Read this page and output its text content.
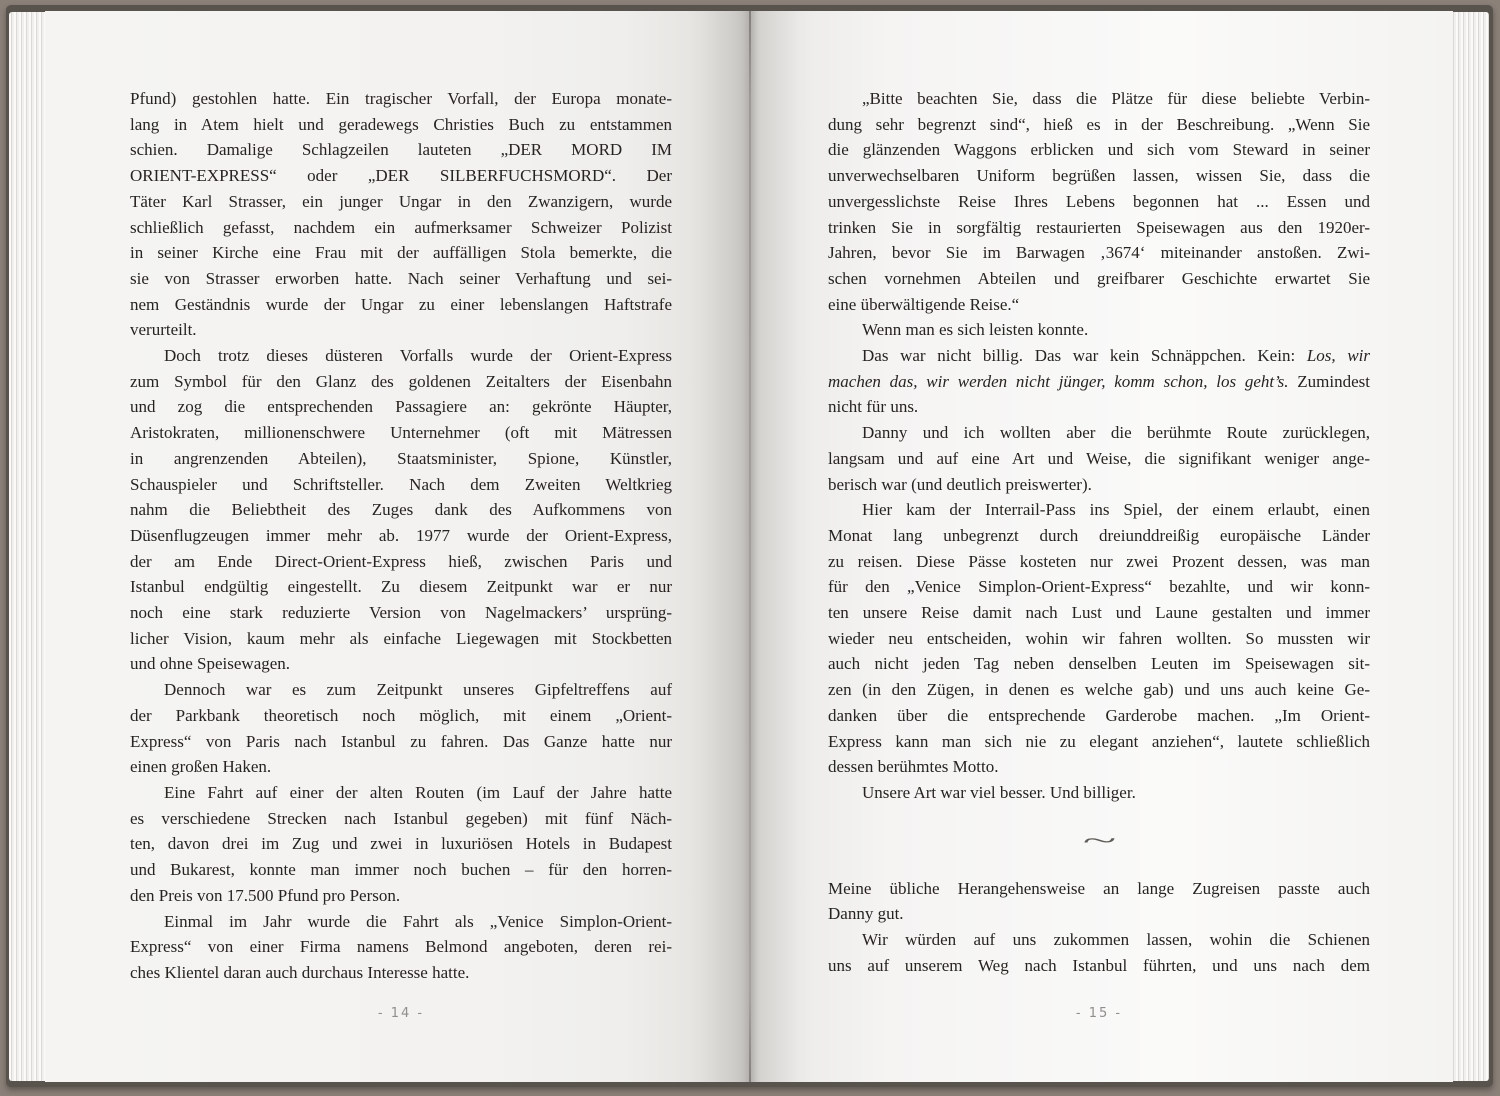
Pfund) gestohlen hatte. Ein tragischer Vorfall, der Europa monate-
lang in Atem hielt und geradewegs Christies Buch zu entstammen
schien. Damalige Schlagzeilen lauteten „DER MORD IM
ORIENT-EXPRESS“ oder „DER SILBERFUCHSMORD“. Der
Täter Karl Strasser, ein junger Ungar in den Zwanzigern, wurde
schließlich gefasst, nachdem ein aufmerksamer Schweizer Polizist
in seiner Kirche eine Frau mit der auffälligen Stola bemerkte, die
sie von Strasser erworben hatte. Nach seiner Verhaftung und sei-
nem Geständnis wurde der Ungar zu einer lebenslangen Haftstrafe
verurteilt.
Doch trotz dieses düsteren Vorfalls wurde der Orient-Express
zum Symbol für den Glanz des goldenen Zeitalters der Eisenbahn
und zog die entsprechenden Passagiere an: gekrönte Häupter,
Aristokraten, millionenschwere Unternehmer (oft mit Mätressen
in angrenzenden Abteilen), Staatsminister, Spione, Künstler,
Schauspieler und Schriftsteller. Nach dem Zweiten Weltkrieg
nahm die Beliebtheit des Zuges dank des Aufkommens von
Düsenflugzeugen immer mehr ab. 1977 wurde der Orient-Express,
der am Ende Direct-Orient-Express hieß, zwischen Paris und
Istanbul endgültig eingestellt. Zu diesem Zeitpunkt war er nur
noch eine stark reduzierte Version von Nagelmackers’ ursprüng-
licher Vision, kaum mehr als einfache Liegewagen mit Stockbetten
und ohne Speisewagen.
Dennoch war es zum Zeitpunkt unseres Gipfeltreffens auf
der Parkbank theoretisch noch möglich, mit einem „Orient-
Express“ von Paris nach Istanbul zu fahren. Das Ganze hatte nur
einen großen Haken.
Eine Fahrt auf einer der alten Routen (im Lauf der Jahre hatte
es verschiedene Strecken nach Istanbul gegeben) mit fünf Näch-
ten, davon drei im Zug und zwei in luxuriösen Hotels in Budapest
und Bukarest, konnte man immer noch buchen – für den horren-
den Preis von 17.500 Pfund pro Person.
Einmal im Jahr wurde die Fahrt als „Venice Simplon-Orient-
Express“ von einer Firma namens Belmond angeboten, deren rei-
ches Klientel daran auch durchaus Interesse hatte.
„Bitte beachten Sie, dass die Plätze für diese beliebte Verbin-
dung sehr begrenzt sind“, hieß es in der Beschreibung. „Wenn Sie
die glänzenden Waggons erblicken und sich vom Steward in seiner
unverwechselbaren Uniform begrüßen lassen, wissen Sie, dass die
unvergesslichste Reise Ihres Lebens begonnen hat ... Essen und
trinken Sie in sorgfältig restaurierten Speisewagen aus den 1920er-
Jahren, bevor Sie im Barwagen ‚3674‘ miteinander anstoßen. Zwi-
schen vornehmen Abteilen und greifbarer Geschichte erwartet Sie
eine überwältigende Reise.“
Wenn man es sich leisten konnte.
Das war nicht billig. Das war kein Schnäppchen. Kein: Los, wir
machen das, wir werden nicht jünger, komm schon, los geht’s. Zumindest
nicht für uns.
Danny und ich wollten aber die berühmte Route zurücklegen,
langsam und auf eine Art und Weise, die signifikant weniger ange-
berisch war (und deutlich preiswerter).
Hier kam der Interrail-Pass ins Spiel, der einem erlaubt, einen
Monat lang unbegrenzt durch dreiunddreißig europäische Länder
zu reisen. Diese Pässe kosteten nur zwei Prozent dessen, was man
für den „Venice Simplon-Orient-Express“ bezahlte, und wir konn-
ten unsere Reise damit nach Lust und Laune gestalten und immer
wieder neu entscheiden, wohin wir fahren wollten. So mussten wir
auch nicht jeden Tag neben denselben Leuten im Speisewagen sit-
zen (in den Zügen, in denen es welche gab) und uns auch keine Ge-
danken über die entsprechende Garderobe machen. „Im Orient-
Express kann man sich nie zu elegant anziehen“, lautete schließlich
dessen berühmtes Motto.
Unsere Art war viel besser. Und billiger.
~
Meine übliche Herangehensweise an lange Zugreisen passte auch
Danny gut.
Wir würden auf uns zukommen lassen, wohin die Schienen
uns auf unserem Weg nach Istanbul führten, und uns nach dem
- 14 -	- 15 -
